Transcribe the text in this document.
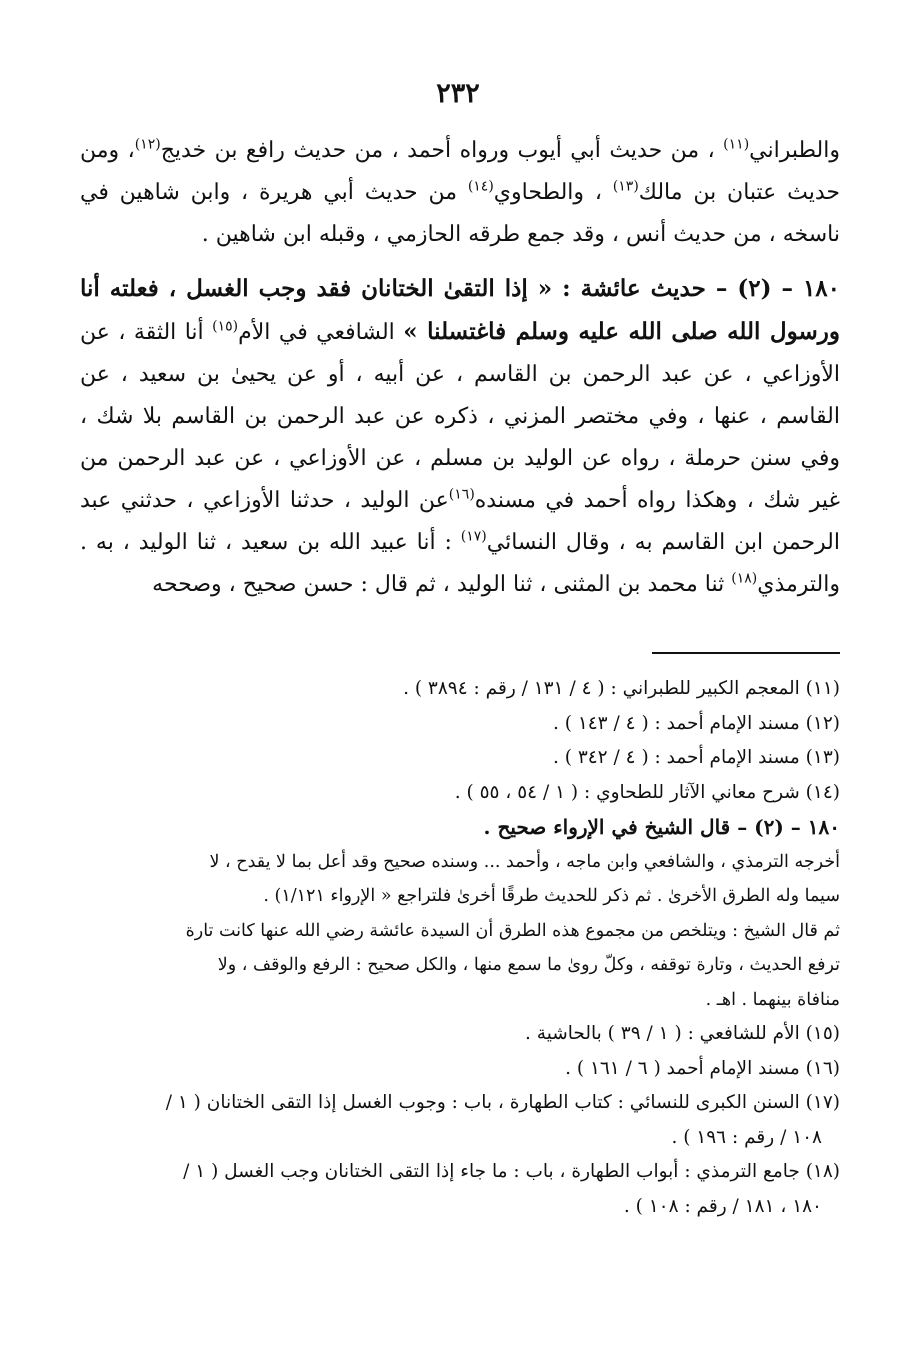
٢٣٢

والطبراني$^{(١١)}$ ، من حديث أبي أيوب ورواه أحمد ، من حديث رافع بن خديج$^{(١٢)}$، ومن حديث عتبان بن مالك$^{(١٣)}$ ، والطحاوي$^{(١٤)}$ من حديث أبي هريرة ، وابن شاهين في ناسخه ، من حديث أنس ، وقد جمع طرقه الحازمي ، وقبله ابن شاهين .

١٨٠ – (٢) – حديث عائشة : « إذا التقىٰ الختانان فقد وجب الغسل ، فعلته أنا ورسول الله صلى الله عليه وسلم فاغتسلنا » الشافعي في الأم$^{(١٥)}$ أنا الثقة ، عن الأوزاعي ، عن عبد الرحمن بن القاسم ، عن أبيه ، أو عن يحيىٰ بن سعيد ، عن القاسم ، عنها ، وفي مختصر المزني ، ذكره عن عبد الرحمن بن القاسم بلا شك ، وفي سنن حرملة ، رواه عن الوليد بن مسلم ، عن الأوزاعي ، عن عبد الرحمن من غير شك ، وهكذا رواه أحمد في مسنده$^{(١٦)}$عن الوليد ، حدثنا الأوزاعي ، حدثني عبد الرحمن ابن القاسم به ، وقال النسائي$^{(١٧)}$ : أنا عبيد الله بن سعيد ، ثنا الوليد ، به . والترمذي$^{(١٨)}$ ثنا محمد بن المثنى ، ثنا الوليد ، ثم قال : حسن صحيح ، وصححه

(١١) المعجم الكبير للطبراني : ( ٤ / ١٣١ / رقم : ٣٨٩٤ ) .

(١٢) مسند الإمام أحمد : ( ٤ / ١٤٣ ) .

(١٣) مسند الإمام أحمد : ( ٤ / ٣٤٢ ) .

(١٤) شرح معاني الآثار للطحاوي : ( ١ / ٥٤ ، ٥٥ ) .

١٨٠ – (٢) – قال الشيخ في الإرواء صحيح .

أخرجه الترمذي ، والشافعي وابن ماجه ، وأحمد ... وسنده صحيح وقد أعل بما لا يقدح ، لا

سيما وله الطرق الأخرىٰ . ثم ذكر للحديث طرقًا أخرىٰ فلتراجع « الإرواء ١/١٢١) .

ثم قال الشيخ : ويتلخص من مجموع هذه الطرق أن السيدة عائشة رضي الله عنها كانت تارة

ترفع الحديث ، وتارة توقفه ، وكلّ روىٰ ما سمع منها ، والكل صحيح : الرفع والوقف ، ولا

منافاة بينهما . اهـ .

(١٥) الأم للشافعي : ( ١ / ٣٩ ) بالحاشية .

(١٦) مسند الإمام أحمد ( ٦ / ١٦١ ) .

(١٧) السنن الكبرى للنسائي : كتاب الطهارة ، باب : وجوب الغسل إذا التقى الختانان ( ١ /

١٠٨ / رقم : ١٩٦ ) .

(١٨) جامع الترمذي : أبواب الطهارة ، باب : ما جاء إذا التقى الختانان وجب الغسل ( ١ /

١٨٠ ، ١٨١ / رقم : ١٠٨ ) .
